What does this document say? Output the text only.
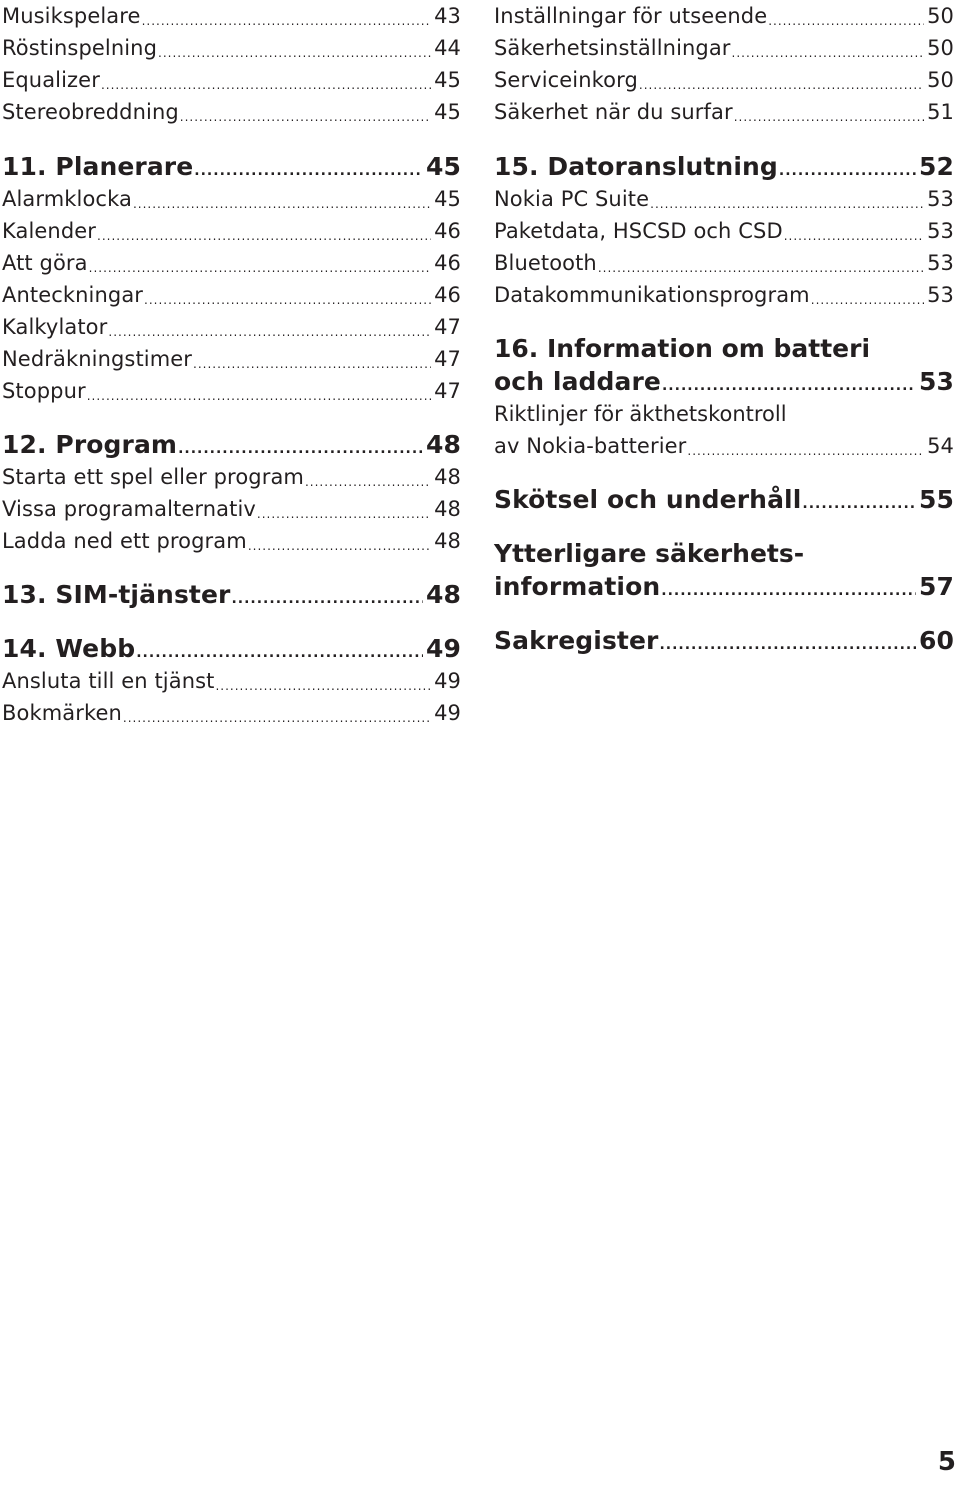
Musikspelare .....	43
Röstinspelning .....	44
Equalizer .....	45
Stereobreddning .....	45
11. Planerare .....	45
Alarmklocka .....	45
Kalender .....	46
Att göra .....	46
Anteckningar .....	46
Kalkylator .....	47
Nedräkningstimer .....	47
Stoppur .....	47
12. Program .....	48
Starta ett spel eller program .....	48
Vissa programalternativ .....	48
Ladda ned ett program .....	48
13. SIM-tjänster .....	48
14. Webb .....	49
Ansluta till en tjänst .....	49
Bokmärken .....	49
Inställningar för utseende .....	50
Säkerhetsinställningar .....	50
Serviceinkorg .....	50
Säkerhet när du surfar .....	51
15. Datoranslutning .....	52
Nokia PC Suite .....	53
Paketdata, HSCSD och CSD .....	53
Bluetooth .....	53
Datakommunikationsprogram .....	53
16. Information om batteri
och laddare .....	53
Riktlinjer för äkthetskontroll
av Nokia-batterier .....	54
Skötsel och underhåll .....	55
Ytterligare säkerhets-
information .....	57
Sakregister .....	60
5
